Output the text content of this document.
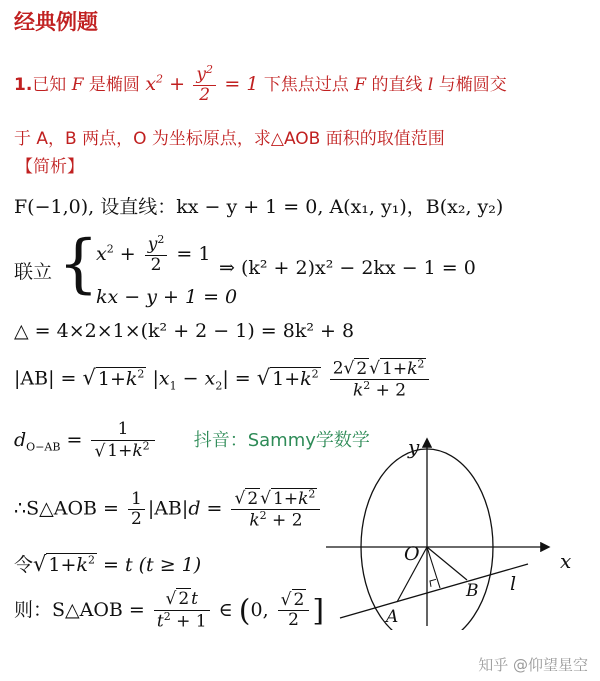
经典例题
1.已知 F 是椭圆 $x^2 + \frac{y^2}{2} = 1$ 下焦点过点 F 的直线 l 与椭圆交
于 A，B 两点，O 为坐标原点，求△AOB 面积的取值范围
【简析】
F(−1,0), 设直线：kx − y + 1 = 0, A(x₁, y₁)，B(x₂, y₂)
联立 {
$x^2 + \frac{y^2}{2} = 1$
kx − y + 1 = 0
⇒ (k² + 2)x² − 2kx − 1 = 0
△ = 4×2×1×(k² + 2 − 1) = 8k² + 8
|AB| = √ $1+k^2$ $|x_1 - x_2|$ = √ $1+k^2 \frac{2√ 2 √ 1+k^2}{k^2 + 2}$
$d_{O-AB} = \frac{1}{√ 1+k^2}$ 抖音：Sammy学数学
∴S△AOB = $\frac{1}{2} |AB|d = \frac{√ 2 √ 1+k^2}{k^2 + 2}$
令√ $1+k^2 = t$ (t ≥ 1)
则：S△AOB = $\frac{√ 2 t}{t^2 + 1}$ ∈ (0, $\frac{√ 2}{2}$ ]
x
y
O
A
B l
知乎 @仰望星空
